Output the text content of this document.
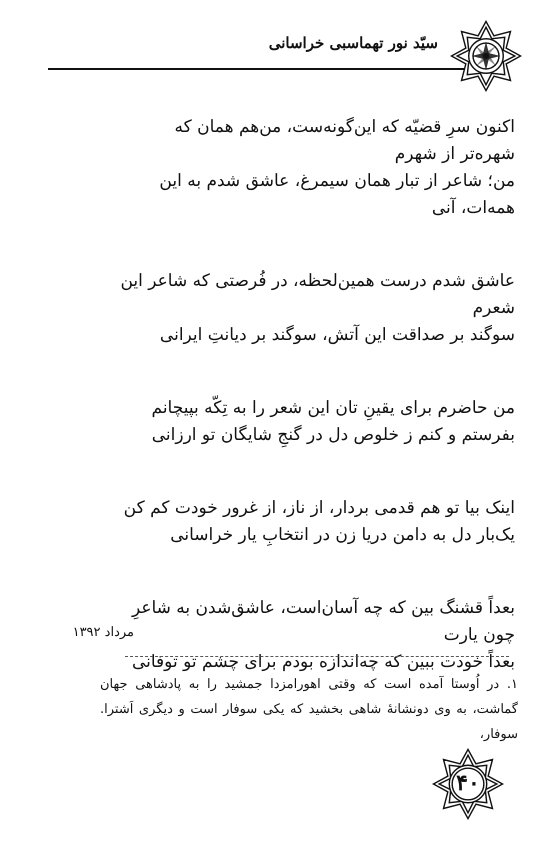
سیّد نور تهماسبی خراسانی
اکنون سرِ قضیّه که این‌گونه‌ست، من‌هم همان که شهره‌تر از شهرم
من؛ شاعر از تبار همان سیمرغ، عاشق شدم به این همه‌ات، آنی
عاشق شدم درست همین‌لحظه، در فُرصتی که شاعر این شعرم
سوگند بر صداقت این آتش، سوگند بر دیانتِ ایرانی
من حاضرم برای یقینِ تان این شعر را به تِکّه بپیچانم
بفرستم و کنم ز خلوص دل در گنجِ شایگان تو ارزانی
اینک بیا تو هم قدمی بردار، از ناز، از غرور خودت کم کن
یک‌بار دل به دامن دریا زن در انتخابِ یار خراسانی
بعداً قشنگ بین که چه آسان‌است، عاشق‌شدن به شاعرِ چون یارت
بعداً خودت ببین که چه‌اندازه بودم برای چشم تو توفانی
مرداد ۱۳۹۲
۱. در اُوستا آمده است که وقتی اهورامزدا جمشید را به پادشاهی جهان گماشت، به وی دونشانهٔ شاهی بخشید که یکی سوفار است و دیگری اَشترا. سوفار،
۴۰
